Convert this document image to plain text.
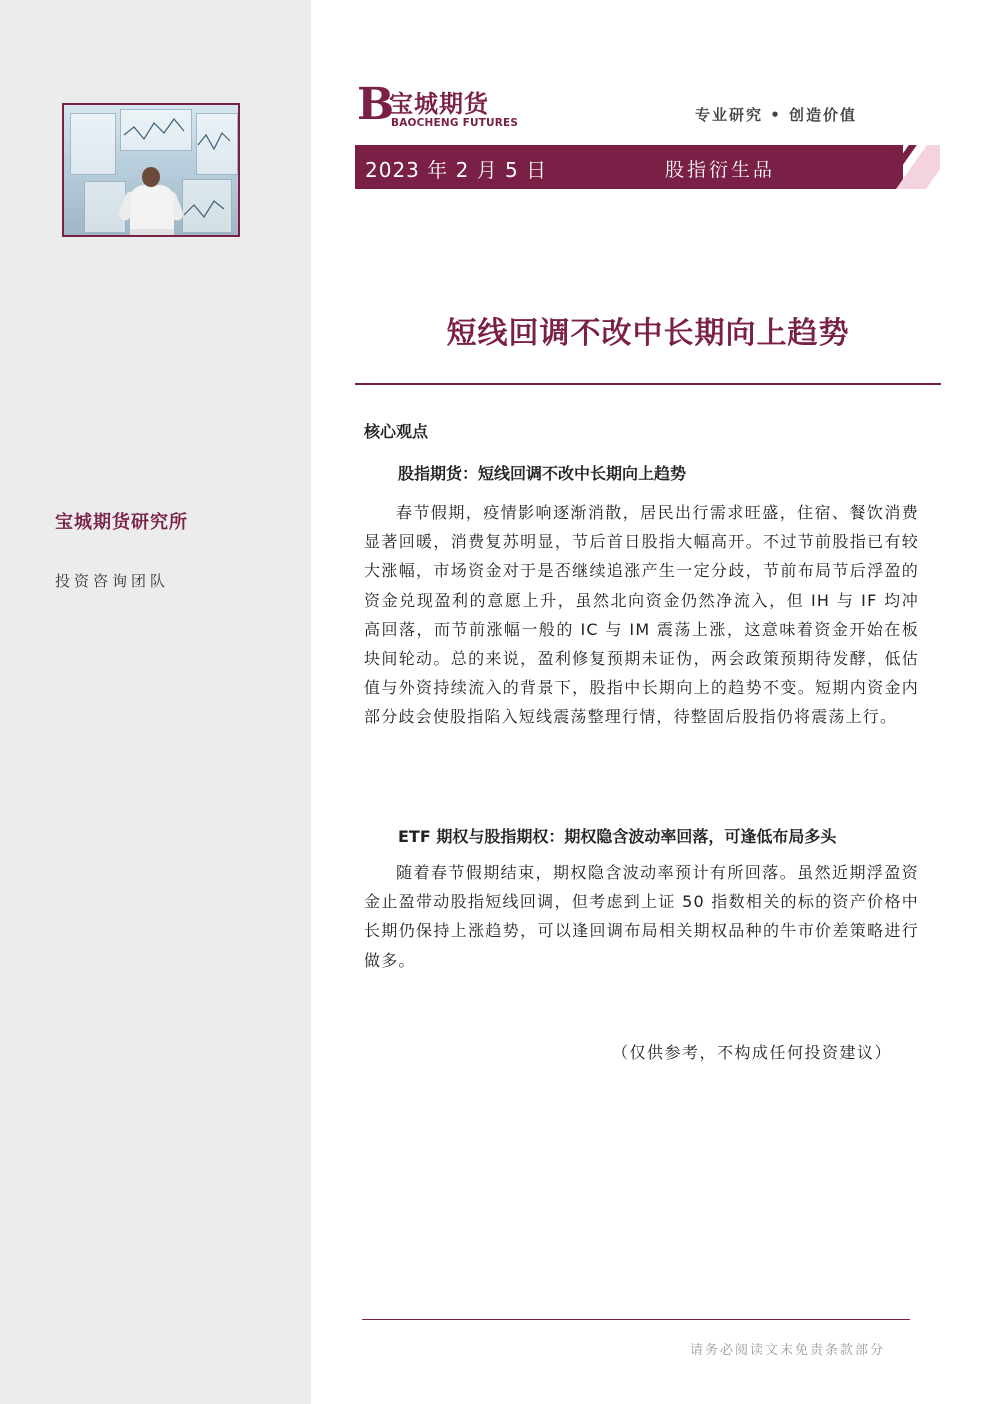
宝城期货研究所
投资咨询团队
B
宝城期货
BAOCHENG FUTURES	专业研究 • 创造价值
2023 年 2 月 5 日	股指衍生品
短线回调不改中长期向上趋势
核心观点
股指期货：短线回调不改中长期向上趋势
春节假期，疫情影响逐渐消散，居民出行需求旺盛，住宿、餐饮消费显著回暖，消费复苏明显，节后首日股指大幅高开。不过节前股指已有较大涨幅，市场资金对于是否继续追涨产生一定分歧，节前布局节后浮盈的资金兑现盈利的意愿上升，虽然北向资金仍然净流入，但 IH 与 IF 均冲高回落，而节前涨幅一般的 IC 与 IM 震荡上涨，这意味着资金开始在板块间轮动。总的来说，盈利修复预期未证伪，两会政策预期待发酵，低估值与外资持续流入的背景下，股指中长期向上的趋势不变。短期内资金内部分歧会使股指陷入短线震荡整理行情，待整固后股指仍将震荡上行。
ETF 期权与股指期权：期权隐含波动率回落，可逢低布局多头
随着春节假期结束，期权隐含波动率预计有所回落。虽然近期浮盈资金止盈带动股指短线回调，但考虑到上证 50 指数相关的标的资产价格中长期仍保持上涨趋势，可以逢回调布局相关期权品种的牛市价差策略进行做多。
（仅供参考，不构成任何投资建议）
请务必阅读文末免责条款部分
